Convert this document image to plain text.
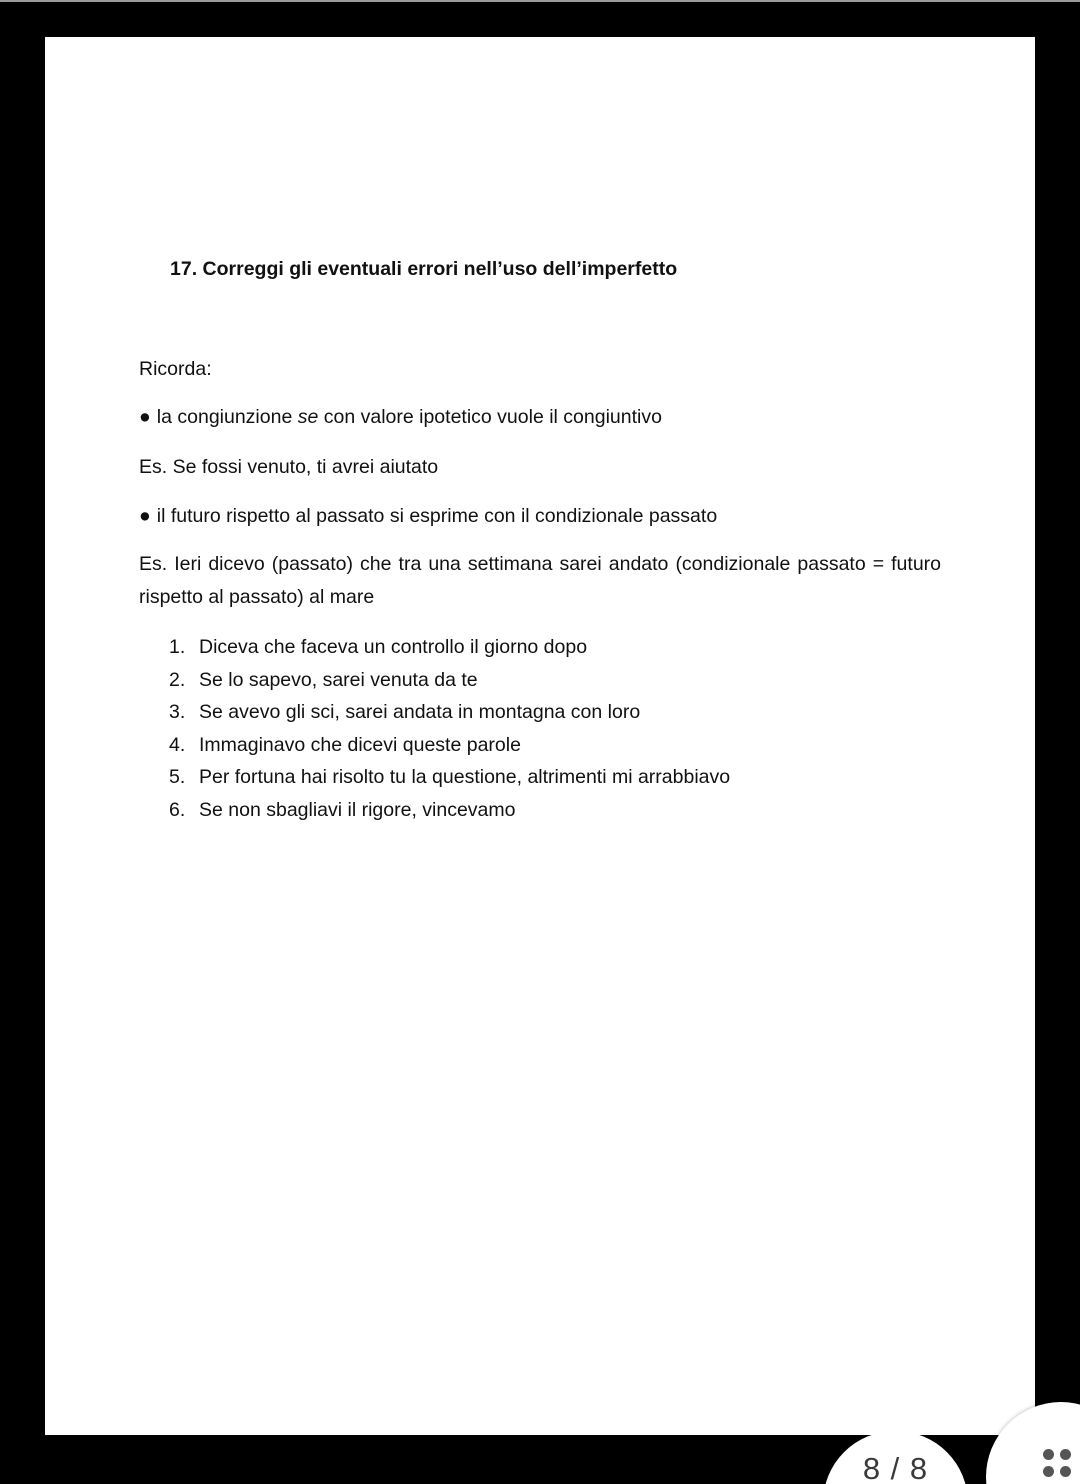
17. Correggi gli eventuali errori nell’uso dell’imperfetto

Ricorda:

● la congiunzione se con valore ipotetico vuole il congiuntivo

Es. Se fossi venuto, ti avrei aiutato

● il futuro rispetto al passato si esprime con il condizionale passato

Es. Ieri dicevo (passato) che tra una settimana sarei andato (condizionale passato = futuro rispetto al passato) al mare

1. Diceva che faceva un controllo il giorno dopo
2. Se lo sapevo, sarei venuta da te
3. Se avevo gli sci, sarei andata in montagna con loro
4. Immaginavo che dicevi queste parole
5. Per fortuna hai risolto tu la questione, altrimenti mi arrabbiavo
6. Se non sbagliavi il rigore, vincevamo
8 / 8
